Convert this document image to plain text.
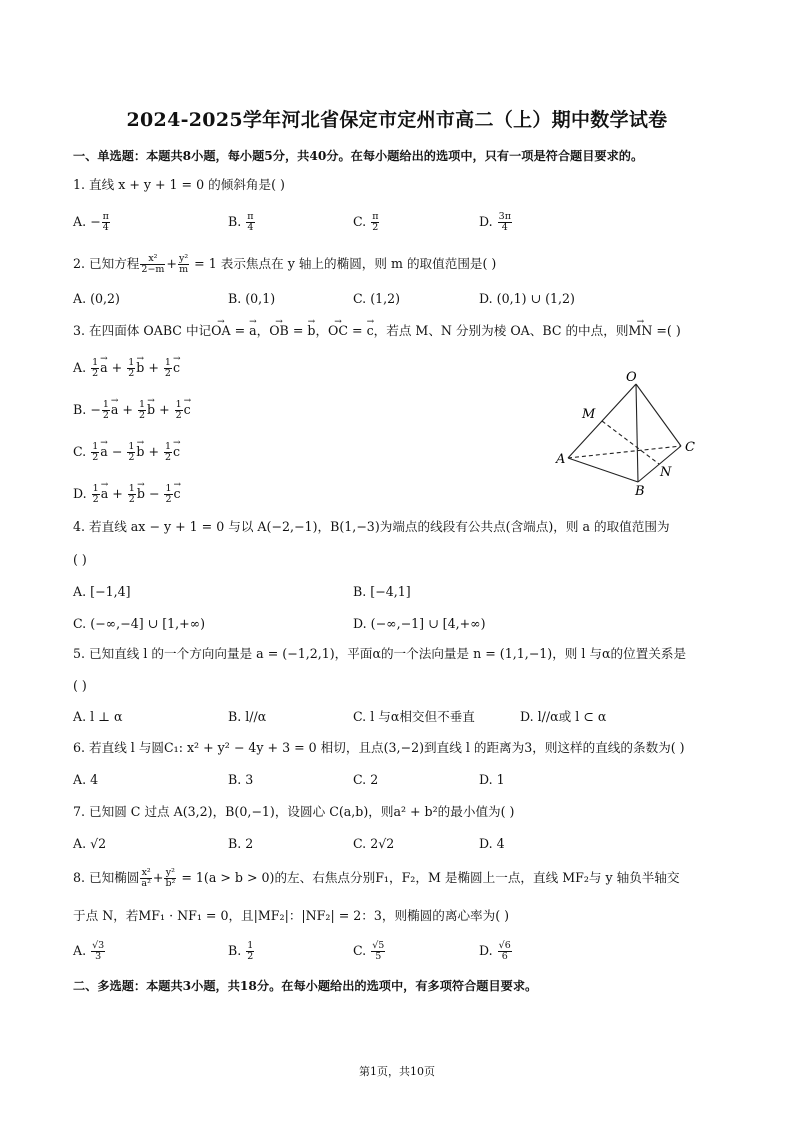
2024-2025学年河北省保定市定州市高二（上）期中数学试卷
一、单选题：本题共8小题，每小题5分，共40分。在每小题给出的选项中，只有一项是符合题目要求的。
1. 直线 x + y + 1 = 0 的倾斜角是( )
A. − $\frac{\pi}{4}$	B. $\frac{\pi}{4}$	C. $\frac{\pi}{2}$	D. $\frac{3\pi}{4}$
2. 已知方程 $\frac{\text{x²}}{2-m} + \frac{\text{y²}}{m} = 1$ 表示焦点在 y 轴上的椭圆，则 m 的取值范围是( )
A. (0,2)	B. (0,1)	C. (1,2)	D. (0,1) ∪ (1,2)
3. 在四面体 OABC 中记→ OA = → a，→ OB = → b，→ OC = → c，若点 M、N 分别为棱 OA、BC 的中点，则→ MN =( )
A. $\frac{1}{2}$
→ $a + \frac{1}{2}$
→ $b + \frac{1}{2}$
→ c
B. − $\frac{1}{2}$
→ $a + \frac{1}{2}$
→ $b + \frac{1}{2}$
→ c
C. $\frac{1}{2}$
→ $a - \frac{1}{2}$
→ $b + \frac{1}{2}$
→ c
D. $\frac{1}{2}$
→ $a + \frac{1}{2}$
→ $b - \frac{1}{2}$
→ c
O
M
A
C
N
B
4. 若直线 ax − y + 1 = 0 与以 A(−2,−1)，B(1,−3)为端点的线段有公共点(含端点)，则 a 的取值范围为
( )
A. [−1,4]	B. [−4,1]
C. (−∞,−4] ∪ [1,+∞)	D. (−∞,−1] ∪ [4,+∞)
5. 已知直线 l 的一个方向向量是 a = (−1,2,1)，平面α的一个法向量是 n = (1,1,−1)，则 l 与α的位置关系是
( )
A. l ⊥ α	B. l//α	C. l 与α相交但不垂直	D. l//α或 l ⊂ α
6. 若直线 l 与圆C₁: x² + y² − 4y + 3 = 0 相切，且点(3,−2)到直线 l 的距离为3，则这样的直线的条数为( )
A. 4	B. 3	C. 2	D. 1
7. 已知圆 C 过点 A(3,2)，B(0,−1)，设圆心 C(a,b)，则a² + b²的最小值为( )
A. √2	B. 2	C. 2√2	D. 4
8. 已知椭圆 $\frac{\text{x²}}{\text{a²}} + \frac{\text{y²}}{\text{b²}} = 1(a > b > 0)$的左、右焦点分别F₁，F₂，M 是椭圆上一点，直线 MF₂与 y 轴负半轴交
于点 N，若MF₁ · NF₁ = 0，且|MF₂|：|NF₂| = 2：3，则椭圆的离心率为( )
A. $\frac{√3}{3}$	B. $\frac{1}{2}$	C. $\frac{√5}{5}$	D. $\frac{√6}{6}$
二、多选题：本题共3小题，共18分。在每小题给出的选项中，有多项符合题目要求。
第1页，共10页
